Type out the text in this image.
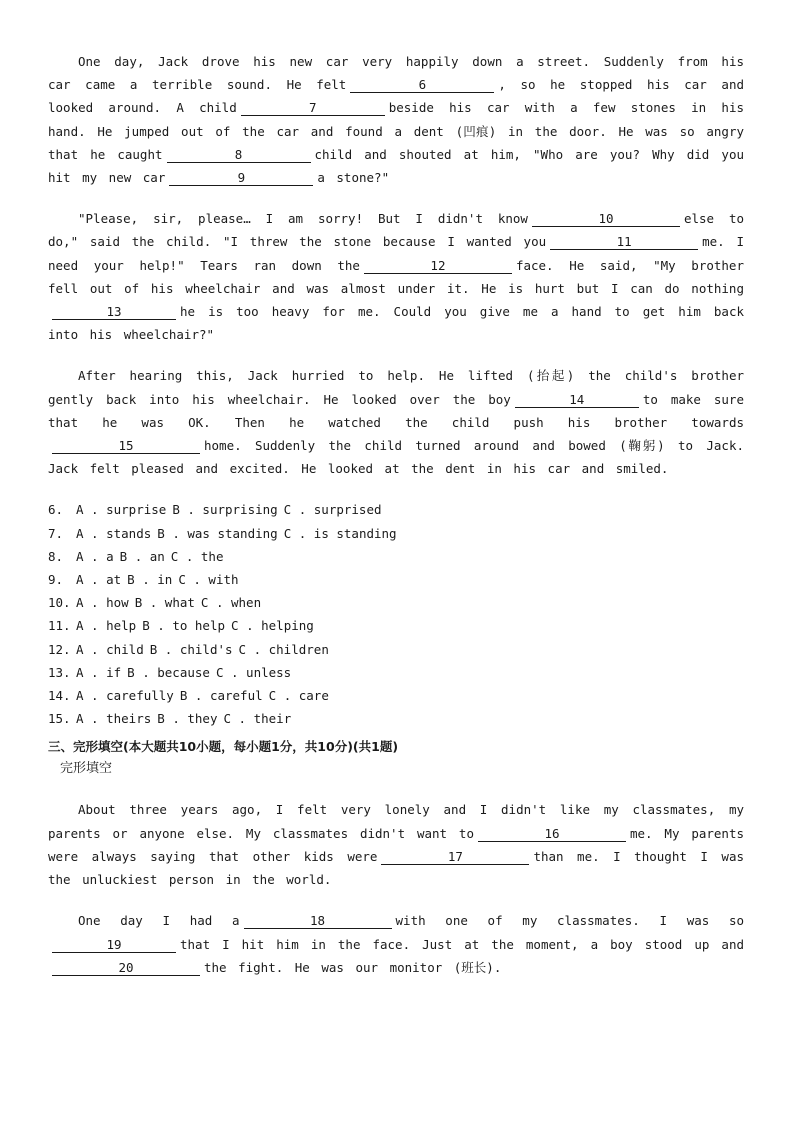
One day, Jack drove his new car very happily down a street. Suddenly from his car came a terrible sound. He felt	6	, so he stopped his car and looked around. A child	7	beside his car with a few stones in his hand. He jumped out of the car and found a dent (凹痕) in the door. He was so angry that he caught	8	child and shouted at him, "Who are you? Why did you hit my new car	9	a stone?"

"Please, sir, please… I am sorry! But I didn't know	10	else to do," said the child. "I threw the stone because I wanted you	11	me. I need your help!" Tears ran down the	12	face. He said, "My brother fell out of his wheelchair and was almost under it. He is hurt but I can do nothing13	he is too heavy for me. Could you give me a hand to get him back into his wheelchair?"

After hearing this, Jack hurried to help. He lifted (抬起) the child's brother gently back into his wheelchair. He looked over the boy	14	to make sure that he was OK. Then he watched the child push his brother towards15	home. Suddenly the child turned around and bowed (鞠躬) to Jack. Jack felt pleased and excited. He looked at the dent in his car and smiled.

6. A . surprise B . surprising C . surprised
7. A . stands B . was standing C . is standing
8. A . a B . an C . the
9. A . at B . in C . with
10. A . how B . what C . when
11. A . help B . to help C . helping
12. A . child B . child's C . children
13. A . if B . because C . unless
14. A . carefully B . careful C . care
15. A . theirs B . they C . their

三、完形填空(本大题共10小题，每小题1分，共10分)(共1题)

完形填空

About three years ago, I felt very lonely and I didn't like my classmates, my parents or anyone else. My classmates didn't want to	16	me. My parents were always saying that other kids were	17	than me. I thought I was the unluckiest person in the world.

One day I had a	18	with one of my classmates. I was so19	that I hit him in the face. Just at the moment, a boy stood up and20	the fight. He was our monitor (班长).
